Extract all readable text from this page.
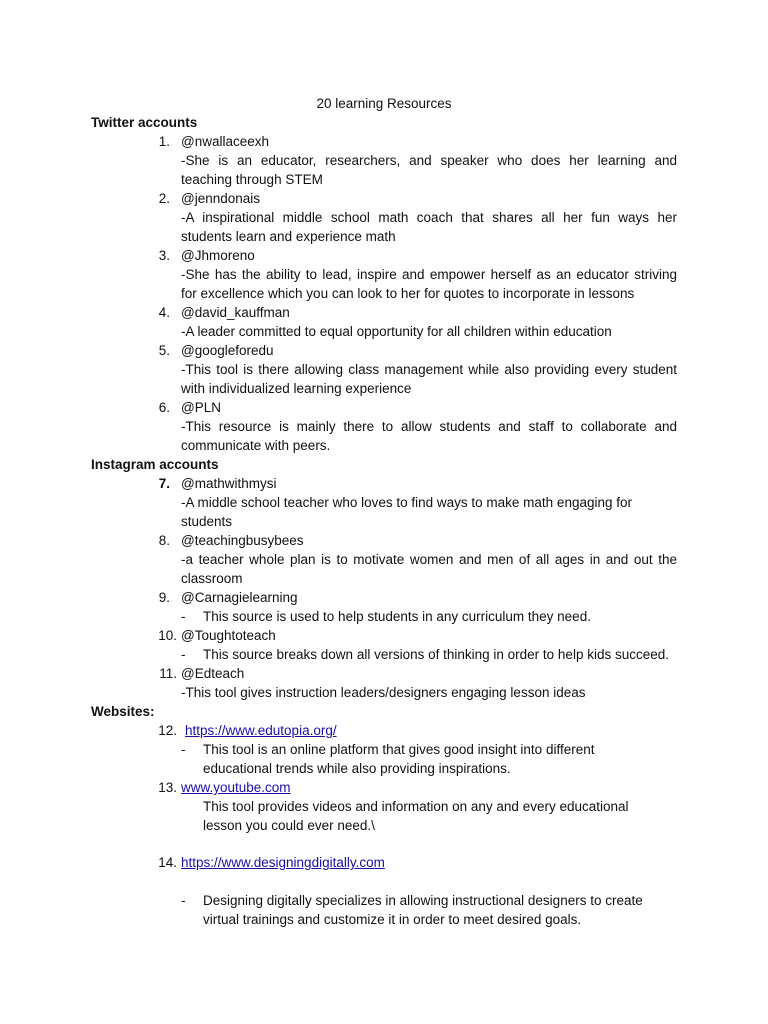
20 learning Resources
Twitter accounts
1. @nwallaceexh
-She is an educator, researchers, and speaker who does her learning and
teaching through STEM
2. @jenndonais
-A inspirational middle school math coach that shares all her fun ways her
students learn and experience math
3. @Jhmoreno
-She has the ability to lead, inspire and empower herself as an educator striving
for excellence which you can look to her for quotes to incorporate in lessons
4. @david_kauffman
-A leader committed to equal opportunity for all children within education
5. @googleforedu
-This tool is there allowing class management while also providing every student
with individualized learning experience
6. @PLN
-This resource is mainly there to allow students and staff to collaborate and
communicate with peers.
Instagram accounts
7. @mathwithmysi
-A middle school teacher who loves to find ways to make math engaging for
students
8. @teachingbusybees
-a teacher whole plan is to motivate women and men of all ages in and out the
classroom
9. @Carnagielearning
- This source is used to help students in any curriculum they need.
10. @Toughtoteach
- This source breaks down all versions of thinking in order to help kids succeed.
11. @Edteach
-This tool gives instruction leaders/designers engaging lesson ideas
Websites:
12. https://www.edutopia.org/
- This tool is an online platform that gives good insight into different
educational trends while also providing inspirations.
13. www.youtube.com
This tool provides videos and information on any and every educational
lesson you could ever need.\
14. https://www.designingdigitally.com
- Designing digitally specializes in allowing instructional designers to create
virtual trainings and customize it in order to meet desired goals.
